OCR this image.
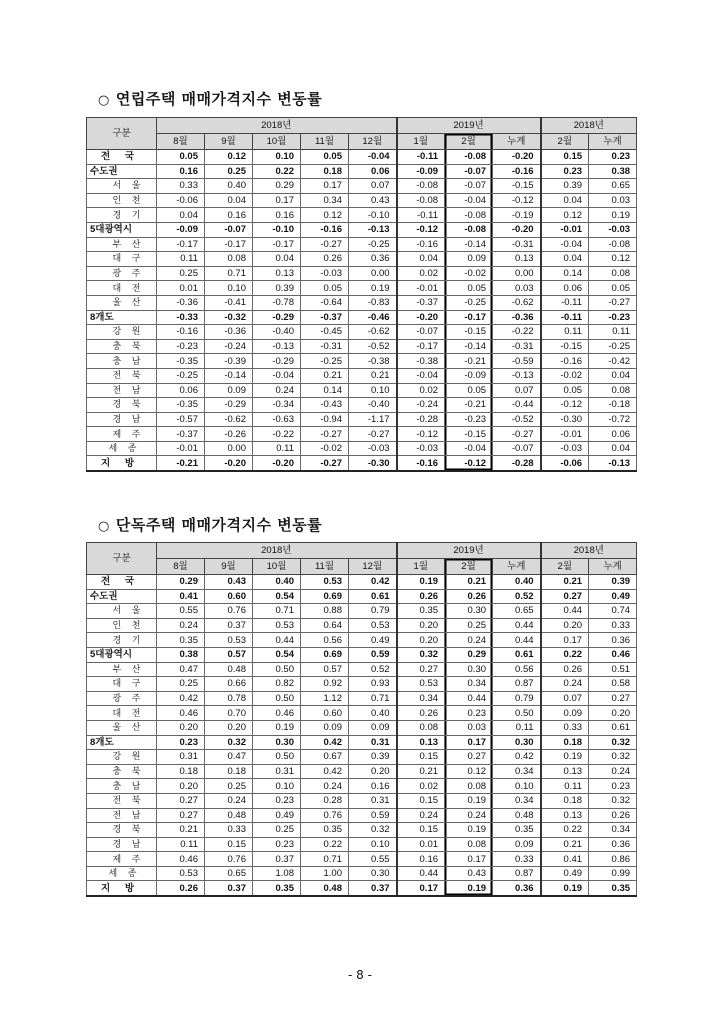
○ 연립주택 매매가격지수 변동률
구분	2018년					2019년			2018년	
	8월	9월	10월	11월	12월	1월	2월	누계	2월	누계
전 국	0.05	0.12	0.10	0.05	-0.04	-0.11	-0.08	-0.20	0.15	0.23
수도권	0.16	0.25	0.22	0.18	0.06	-0.09	-0.07	-0.16	0.23	0.38
서 울	0.33	0.40	0.29	0.17	0.07	-0.08	-0.07	-0.15	0.39	0.65
인 천	-0.06	0.04	0.17	0.34	0.43	-0.08	-0.04	-0.12	0.04	0.03
경 기	0.04	0.16	0.16	0.12	-0.10	-0.11	-0.08	-0.19	0.12	0.19
5대광역시	-0.09	-0.07	-0.10	-0.16	-0.13	-0.12	-0.08	-0.20	-0.01	-0.03
부 산	-0.17	-0.17	-0.17	-0.27	-0.25	-0.16	-0.14	-0.31	-0.04	-0.08
대 구	0.11	0.08	0.04	0.26	0.36	0.04	0.09	0.13	0.04	0.12
광 주	0.25	0.71	0.13	-0.03	0.00	0.02	-0.02	0.00	0.14	0.08
대 전	0.01	0.10	0.39	0.05	0.19	-0.01	0.05	0.03	0.06	0.05
울 산	-0.36	-0.41	-0.78	-0.64	-0.83	-0.37	-0.25	-0.62	-0.11	-0.27
8개도	-0.33	-0.32	-0.29	-0.37	-0.46	-0.20	-0.17	-0.36	-0.11	-0.23
강 원	-0.16	-0.36	-0.40	-0.45	-0.62	-0.07	-0.15	-0.22	0.11	0.11
충 북	-0.23	-0.24	-0.13	-0.31	-0.52	-0.17	-0.14	-0.31	-0.15	-0.25
충 남	-0.35	-0.39	-0.29	-0.25	-0.38	-0.38	-0.21	-0.59	-0.16	-0.42
전 북	-0.25	-0.14	-0.04	0.21	0.21	-0.04	-0.09	-0.13	-0.02	0.04
전 남	0.06	0.09	0.24	0.14	0.10	0.02	0.05	0.07	0.05	0.08
경 북	-0.35	-0.29	-0.34	-0.43	-0.40	-0.24	-0.21	-0.44	-0.12	-0.18
경 남	-0.57	-0.62	-0.63	-0.94	-1.17	-0.28	-0.23	-0.52	-0.30	-0.72
제 주	-0.37	-0.26	-0.22	-0.27	-0.27	-0.12	-0.15	-0.27	-0.01	0.06
세 종	-0.01	0.00	0.11	-0.02	-0.03	-0.03	-0.04	-0.07	-0.03	0.04
지 방	-0.21	-0.20	-0.20	-0.27	-0.30	-0.16	-0.12	-0.28	-0.06	-0.13
○ 단독주택 매매가격지수 변동률
구분	2018년					2019년			2018년	
	8월	9월	10월	11월	12월	1월	2월	누계	2월	누계
전 국	0.29	0.43	0.40	0.53	0.42	0.19	0.21	0.40	0.21	0.39
수도권	0.41	0.60	0.54	0.69	0.61	0.26	0.26	0.52	0.27	0.49
서 울	0.55	0.76	0.71	0.88	0.79	0.35	0.30	0.65	0.44	0.74
인 천	0.24	0.37	0.53	0.64	0.53	0.20	0.25	0.44	0.20	0.33
경 기	0.35	0.53	0.44	0.56	0.49	0.20	0.24	0.44	0.17	0.36
5대광역시	0.38	0.57	0.54	0.69	0.59	0.32	0.29	0.61	0.22	0.46
부 산	0.47	0.48	0.50	0.57	0.52	0.27	0.30	0.56	0.26	0.51
대 구	0.25	0.66	0.82	0.92	0.93	0.53	0.34	0.87	0.24	0.58
광 주	0.42	0.78	0.50	1.12	0.71	0.34	0.44	0.79	0.07	0.27
대 전	0.46	0.70	0.46	0.60	0.40	0.26	0.23	0.50	0.09	0.20
울 산	0.20	0.20	0.19	0.09	0.09	0.08	0.03	0.11	0.33	0.61
8개도	0.23	0.32	0.30	0.42	0.31	0.13	0.17	0.30	0.18	0.32
강 원	0.31	0.47	0.50	0.67	0.39	0.15	0.27	0.42	0.19	0.32
충 북	0.18	0.18	0.31	0.42	0.20	0.21	0.12	0.34	0.13	0.24
충 남	0.20	0.25	0.10	0.24	0.16	0.02	0.08	0.10	0.11	0.23
전 북	0.27	0.24	0.23	0.28	0.31	0.15	0.19	0.34	0.18	0.32
전 남	0.27	0.48	0.49	0.76	0.59	0.24	0.24	0.48	0.13	0.26
경 북	0.21	0.33	0.25	0.35	0.32	0.15	0.19	0.35	0.22	0.34
경 남	0.11	0.15	0.23	0.22	0.10	0.01	0.08	0.09	0.21	0.36
제 주	0.46	0.76	0.37	0.71	0.55	0.16	0.17	0.33	0.41	0.86
세 종	0.53	0.65	1.08	1.00	0.30	0.44	0.43	0.87	0.49	0.99
지 방	0.26	0.37	0.35	0.48	0.37	0.17	0.19	0.36	0.19	0.35
- 8 -
